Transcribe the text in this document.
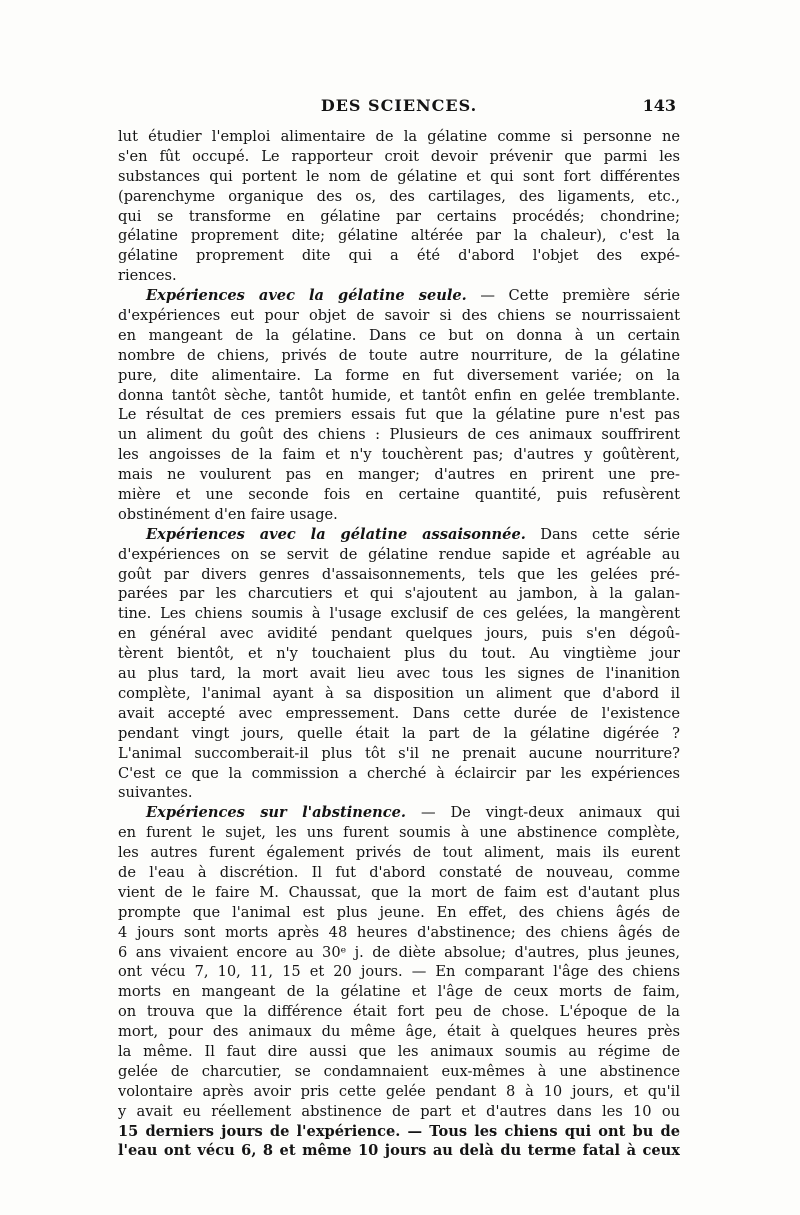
DES SCIENCES.	143
lut étudier l'emploi alimentaire de la gélatine comme si personne ne
s'en fût occupé. Le rapporteur croit devoir prévenir que parmi les
substances qui portent le nom de gélatine et qui sont fort différentes
(parenchyme organique des os, des cartilages, des ligaments, etc.,
qui se transforme en gélatine par certains procédés; chondrine;
gélatine proprement dite; gélatine altérée par la chaleur), c'est la
gélatine proprement dite qui a été d'abord l'objet des expé-
riences.
Expériences avec la gélatine seule. — Cette première série
d'expériences eut pour objet de savoir si des chiens se nourrissaient
en mangeant de la gélatine. Dans ce but on donna à un certain
nombre de chiens, privés de toute autre nourriture, de la gélatine
pure, dite alimentaire. La forme en fut diversement variée; on la
donna tantôt sèche, tantôt humide, et tantôt enfin en gelée tremblante.
Le résultat de ces premiers essais fut que la gélatine pure n'est pas
un aliment du goût des chiens : Plusieurs de ces animaux souffrirent
les angoisses de la faim et n'y touchèrent pas; d'autres y goûtèrent,
mais ne voulurent pas en manger; d'autres en prirent une pre-
mière et une seconde fois en certaine quantité, puis refusèrent
obstinément d'en faire usage.
Expériences avec la gélatine assaisonnée. Dans cette série
d'expériences on se servit de gélatine rendue sapide et agréable au
goût par divers genres d'assaisonnements, tels que les gelées pré-
parées par les charcutiers et qui s'ajoutent au jambon, à la galan-
tine. Les chiens soumis à l'usage exclusif de ces gelées, la mangèrent
en général avec avidité pendant quelques jours, puis s'en dégoû-
tèrent bientôt, et n'y touchaient plus du tout. Au vingtième jour
au plus tard, la mort avait lieu avec tous les signes de l'inanition
complète, l'animal ayant à sa disposition un aliment que d'abord il
avait accepté avec empressement. Dans cette durée de l'existence
pendant vingt jours, quelle était la part de la gélatine digérée ?
L'animal succomberait-il plus tôt s'il ne prenait aucune nourriture?
C'est ce que la commission a cherché à éclaircir par les expériences
suivantes.
Expériences sur l'abstinence. — De vingt-deux animaux qui
en furent le sujet, les uns furent soumis à une abstinence complète,
les autres furent également privés de tout aliment, mais ils eurent
de l'eau à discrétion. Il fut d'abord constaté de nouveau, comme
vient de le faire M. Chaussat, que la mort de faim est d'autant plus
prompte que l'animal est plus jeune. En effet, des chiens âgés de
4 jours sont morts après 48 heures d'abstinence; des chiens âgés de
6 ans vivaient encore au 30ᵉ j. de diète absolue; d'autres, plus jeunes,
ont vécu 7, 10, 11, 15 et 20 jours. — En comparant l'âge des chiens
morts en mangeant de la gélatine et l'âge de ceux morts de faim,
on trouva que la différence était fort peu de chose. L'époque de la
mort, pour des animaux du même âge, était à quelques heures près
la même. Il faut dire aussi que les animaux soumis au régime de
gelée de charcutier, se condamnaient eux-mêmes à une abstinence
volontaire après avoir pris cette gelée pendant 8 à 10 jours, et qu'il
y avait eu réellement abstinence de part et d'autres dans les 10 ou
15 derniers jours de l'expérience. — Tous les chiens qui ont bu de
l'eau ont vécu 6, 8 et même 10 jours au delà du terme fatal à ceux
